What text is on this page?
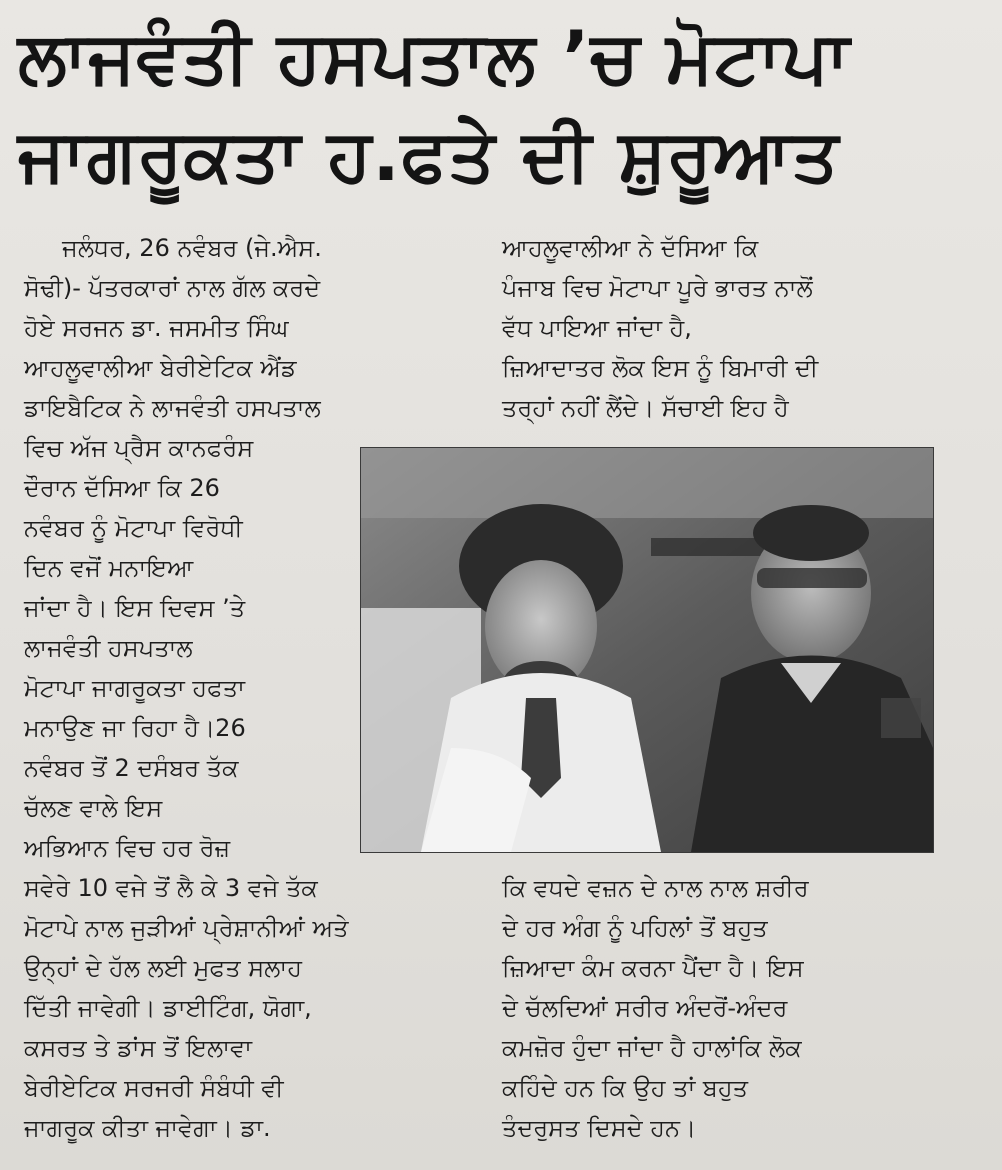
ਲਾਜਵੰਤੀ ਹਸਪਤਾਲ ’ਚ ਮੋਟਾਪਾ
ਜਾਗਰੂਕਤਾ ਹ.ਫਤੇ ਦੀ ਸ਼ੁਰੂਆਤ
ਜਲੰਧਰ, 26 ਨਵੰਬਰ (ਜੇ.ਐਸ.
ਸੋਢੀ)- ਪੱਤਰਕਾਰਾਂ ਨਾਲ ਗੱਲ ਕਰਦੇ
ਹੋਏ ਸਰਜਨ ਡਾ. ਜਸਮੀਤ ਸਿੰਘ
ਆਹਲੂਵਾਲੀਆ ਬੇਰੀਏਟਿਕ ਐਂਡ
ਡਾਇਬੈਟਿਕ ਨੇ ਲਾਜਵੰਤੀ ਹਸਪਤਾਲ
ਵਿਚ ਅੱਜ ਪ੍ਰੈਸ ਕਾਨਫਰੰਸ
ਦੌਰਾਨ ਦੱਸਿਆ ਕਿ 26
ਨਵੰਬਰ ਨੂੰ ਮੋਟਾਪਾ ਵਿਰੋਧੀ
ਦਿਨ ਵਜੋਂ ਮਨਾਇਆ
ਜਾਂਦਾ ਹੈ। ਇਸ ਦਿਵਸ ’ਤੇ
ਲਾਜਵੰਤੀ ਹਸਪਤਾਲ
ਮੋਟਾਪਾ ਜਾਗਰੂਕਤਾ ਹਫਤਾ
ਮਨਾਉਣ ਜਾ ਰਿਹਾ ਹੈ।26
ਨਵੰਬਰ ਤੋਂ 2 ਦਸੰਬਰ ਤੱਕ
ਚੱਲਣ ਵਾਲੇ ਇਸ
ਅਭਿਆਨ ਵਿਚ ਹਰ ਰੋਜ਼
ਸਵੇਰੇ 10 ਵਜੇ ਤੋਂ ਲੈ ਕੇ 3 ਵਜੇ ਤੱਕ
ਮੋਟਾਪੇ ਨਾਲ ਜੁੜੀਆਂ ਪ੍ਰੇਸ਼ਾਨੀਆਂ ਅਤੇ
ਉਨ੍ਹਾਂ ਦੇ ਹੱਲ ਲਈ ਮੁਫਤ ਸਲਾਹ
ਦਿੱਤੀ ਜਾਵੇਗੀ। ਡਾਈਟਿੰਗ, ਯੋਗਾ,
ਕਸਰਤ ਤੇ ਡਾਂਸ ਤੋਂ ਇਲਾਵਾ
ਬੇਰੀਏਟਿਕ ਸਰਜਰੀ ਸੰਬੰਧੀ ਵੀ
ਜਾਗਰੂਕ ਕੀਤਾ ਜਾਵੇਗਾ। ਡਾ.
ਆਹਲੂਵਾਲੀਆ ਨੇ ਦੱਸਿਆ ਕਿ
ਪੰਜਾਬ ਵਿਚ ਮੋਟਾਪਾ ਪੂਰੇ ਭਾਰਤ ਨਾਲੋਂ
ਵੱਧ ਪਾਇਆ ਜਾਂਦਾ ਹੈ,
ਜ਼ਿਆਦਾਤਰ ਲੋਕ ਇਸ ਨੂੰ ਬਿਮਾਰੀ ਦੀ
ਤਰ੍ਹਾਂ ਨਹੀਂ ਲੈਂਦੇ। ਸੱਚਾਈ ਇਹ ਹੈ
ਕਿ ਵਧਦੇ ਵਜ਼ਨ ਦੇ ਨਾਲ ਨਾਲ ਸ਼ਰੀਰ
ਦੇ ਹਰ ਅੰਗ ਨੂੰ ਪਹਿਲਾਂ ਤੋਂ ਬਹੁਤ
ਜ਼ਿਆਦਾ ਕੰਮ ਕਰਨਾ ਪੈਂਦਾ ਹੈ। ਇਸ
ਦੇ ਚੱਲਦਿਆਂ ਸਰੀਰ ਅੰਦਰੋਂ-ਅੰਦਰ
ਕਮਜ਼ੋਰ ਹੁੰਦਾ ਜਾਂਦਾ ਹੈ ਹਾਲਾਂਕਿ ਲੋਕ
ਕਹਿੰਦੇ ਹਨ ਕਿ ਉਹ ਤਾਂ ਬਹੁਤ
ਤੰਦਰੁਸਤ ਦਿਸਦੇ ਹਨ।
